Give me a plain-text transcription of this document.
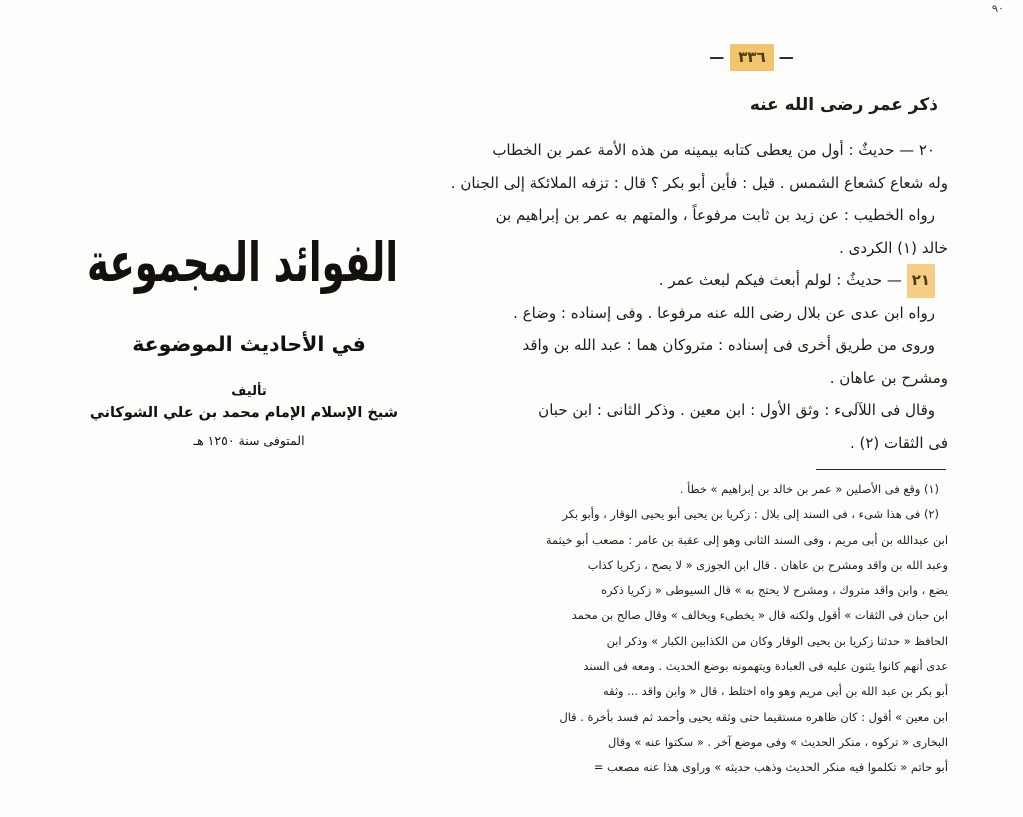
٩٠
الفوائد المجموعة
في الأحاديث الموضوعة
تأليف
شيخ الإسلام الإمام محمد بن علي الشوكاني
المتوفى سنة ١٢٥٠ هـ
—٣٣٦—
ذكر عمر رضى الله عنه
٢٠ — حديثٌ : أول من يعطى كتابه بيمينه من هذه الأمة عمر بن الخطاب
وله شعاع كشعاع الشمس . قيل : فأين أبو بكر ؟ قال : تزفه الملائكة إلى الجنان .
رواه الخطيب : عن زيد بن ثابت مرفوعاً ، والمتهم به عمر بن إبراهيم بن
خالد (١) الكردى .
٢١ — حديثٌ : لولم أبعث فيكم لبعث عمر .
رواه ابن عدى عن بلال رضى الله عنه مرفوعا . وفى إسناده : وضاع .
وروى من طريق أخرى فى إسناده : متروكان هما : عبد الله بن واقد
ومشرح بن عاهان .
وقال فى اللآلىء : وثق الأول : ابن معين . وذكر الثانى : ابن حبان
فى الثقات (٢) .
(١) وقع فى الأصلين « عمر بن خالد بن إبراهيم » خطأ .
(٢) فى هذا شىء ، فى السند إلى بلال : زكريا بن يحيى أبو يحيى الوقار ، وأبو بكر
ابن عبدالله بن أبى مريم ، وفى السند الثانى وهو إلى عقبة بن عامر : مصعب أبو خيثمة
وعبد الله بن واقد ومشرح بن عاهان . قال ابن الجوزى « لا يصح ، زكريا كذاب
يضع ، وابن واقد متروك ، ومشرح لا يحتج به » قال السيوطى « زكريا ذكره
ابن حبان فى الثقات » أقول ولكنه قال « يخطىء ويخالف » وقال صالح بن محمد
الحافظ « حدثنا زكريا بن يحيى الوقار وكان من الكذابين الكبار » وذكر ابن
عدى أنهم كانوا يثنون عليه فى العبادة ويتهمونه بوضع الحديث . ومعه فى السند
أبو بكر بن عبد الله بن أبى مريم وهو واه اختلط ، قال « وابن واقد ... وثقه
ابن معين » أقول : كان ظاهره مستقيما حتى وثقه يحيى وأحمد ثم فسد بأخرة . قال
البخارى « تركوه ، منكر الحديث » وفى موضع آخر . « سكتوا عنه » وقال
أبو حاتم « تكلموا فيه منكر الحديث وذهب حديثه » وراوى هذا عنه مصعب =
